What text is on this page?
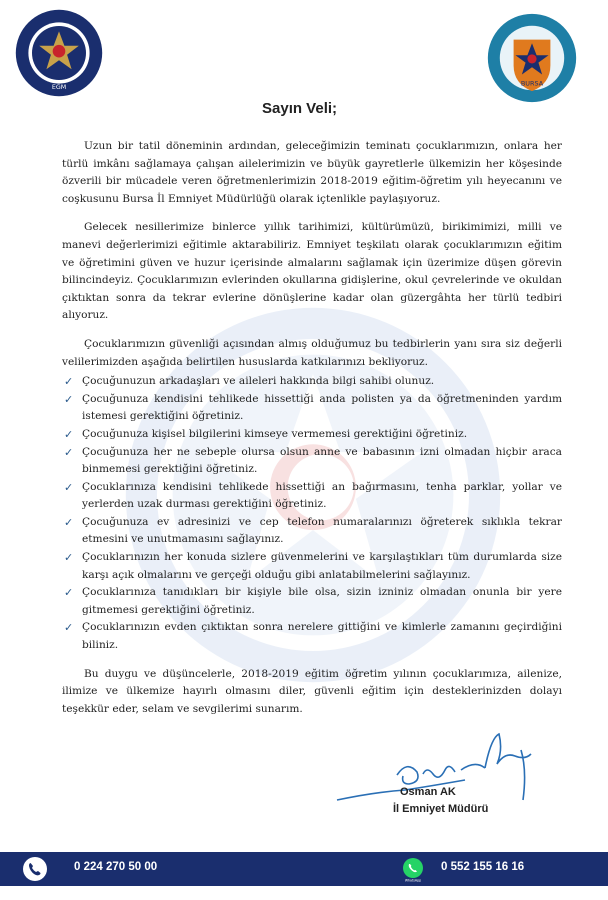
EGM	BURSA
Sayın Veli;

Uzun bir tatil döneminin ardından, geleceğimizin teminatı çocuklarımızın, onlara her türlü imkânı sağlamaya çalışan ailelerimizin ve büyük gayretlerle ülkemizin her köşesinde özverili bir mücadele veren öğretmenlerimizin 2018-2019 eğitim-öğretim yılı heyecanını ve coşkusunu Bursa İl Emniyet Müdürlüğü olarak içtenlikle paylaşıyoruz.

Gelecek nesillerimize binlerce yıllık tarihimizi, kültürümüzü, birikimimizi, milli ve manevi değerlerimizi eğitimle aktarabiliriz. Emniyet teşkilatı olarak çocuklarımızın eğitim ve öğretimini güven ve huzur içerisinde almalarını sağlamak için üzerimize düşen görevin bilincindeyiz. Çocuklarımızın evlerinden okullarına gidişlerine, okul çevrelerinde ve okuldan çıktıktan sonra da tekrar evlerine dönüşlerine kadar olan güzergâhta her türlü tedbiri alıyoruz.

Çocuklarımızın güvenliği açısından almış olduğumuz bu tedbirlerin yanı sıra siz değerli velilerimizden aşağıda belirtilen hususlarda katkılarınızı bekliyoruz.

✓ Çocuğunuzun arkadaşları ve aileleri hakkında bilgi sahibi olunuz.
✓ Çocuğunuza kendisini tehlikede hissettiği anda polisten ya da öğretmeninden yardım istemesi gerektiğini öğretiniz.
✓ Çocuğunuza kişisel bilgilerini kimseye vermemesi gerektiğini öğretiniz.
✓ Çocuğunuza her ne sebeple olursa olsun anne ve babasının izni olmadan hiçbir araca binmemesi gerektiğini öğretiniz.
✓ Çocuklarınıza kendisini tehlikede hissettiği an bağırmasını, tenha parklar, yollar ve yerlerden uzak durması gerektiğini öğretiniz.
✓ Çocuğunuza ev adresinizi ve cep telefon numaralarınızı öğreterek sıklıkla tekrar etmesini ve unutmamasını sağlayınız.
✓ Çocuklarınızın her konuda sizlere güvenmelerini ve karşılaştıkları tüm durumlarda size karşı açık olmalarını ve gerçeği olduğu gibi anlatabilmelerini sağlayınız.
✓ Çocuklarınıza tanıdıkları bir kişiyle bile olsa, sizin izniniz olmadan onunla bir yere gitmemesi gerektiğini öğretiniz.
✓ Çocuklarınızın evden çıktıktan sonra nerelere gittiğini ve kimlerle zamanını geçirdiğini biliniz.

Bu duygu ve düşüncelerle, 2018-2019 eğitim öğretim yılının çocuklarımıza, ailenize, ilimize ve ülkemize hayırlı olmasını diler, güvenli eğitim için desteklerinizden dolayı teşekkür eder, selam ve sevgilerimi sunarım.

Osman AK
İl Emniyet Müdürü
0 224 270 50 00
WhatsApp
0 552 155 16 16
